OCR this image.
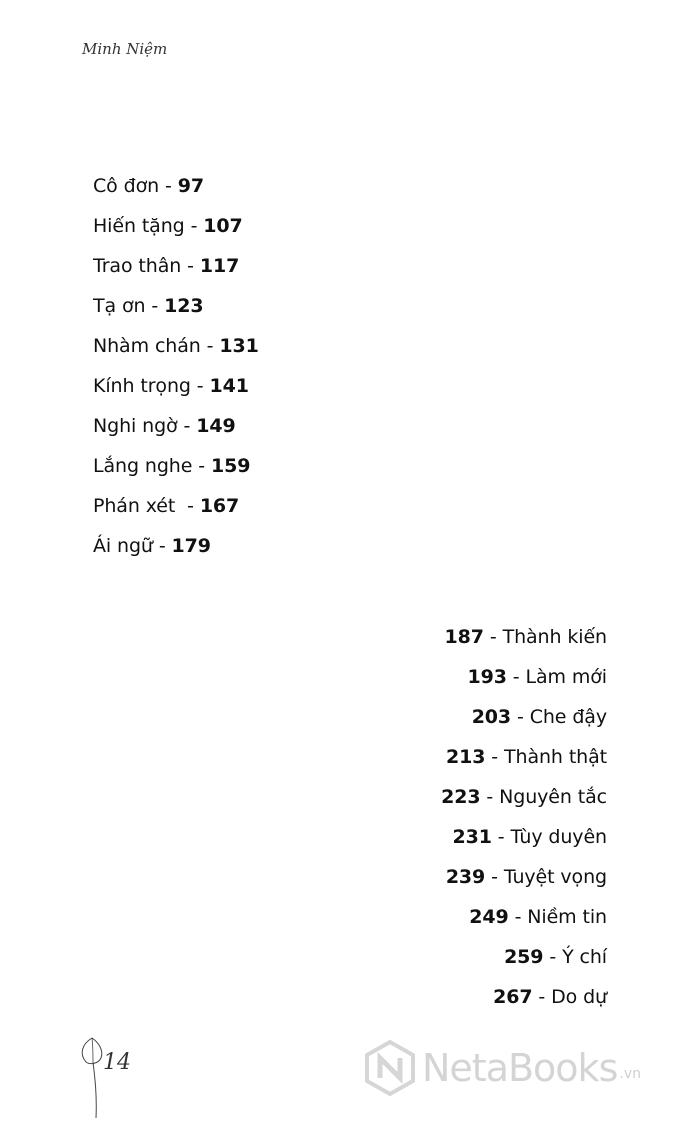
Minh Niệm
Cô đơn - 97
Hiến tặng - 107
Trao thân - 117
Tạ ơn - 123
Nhàm chán - 131
Kính trọng - 141
Nghi ngờ - 149
Lắng nghe - 159
Phán xét  - 167
Ái ngữ - 179
187 - Thành kiến
193 - Làm mới
203 - Che đậy
213 - Thành thật
223 - Nguyên tắc
231 - Tùy duyên
239 - Tuyệt vọng
249 - Niềm tin
259 - Ý chí
267 - Do dự
14	NetaBooks .vn
